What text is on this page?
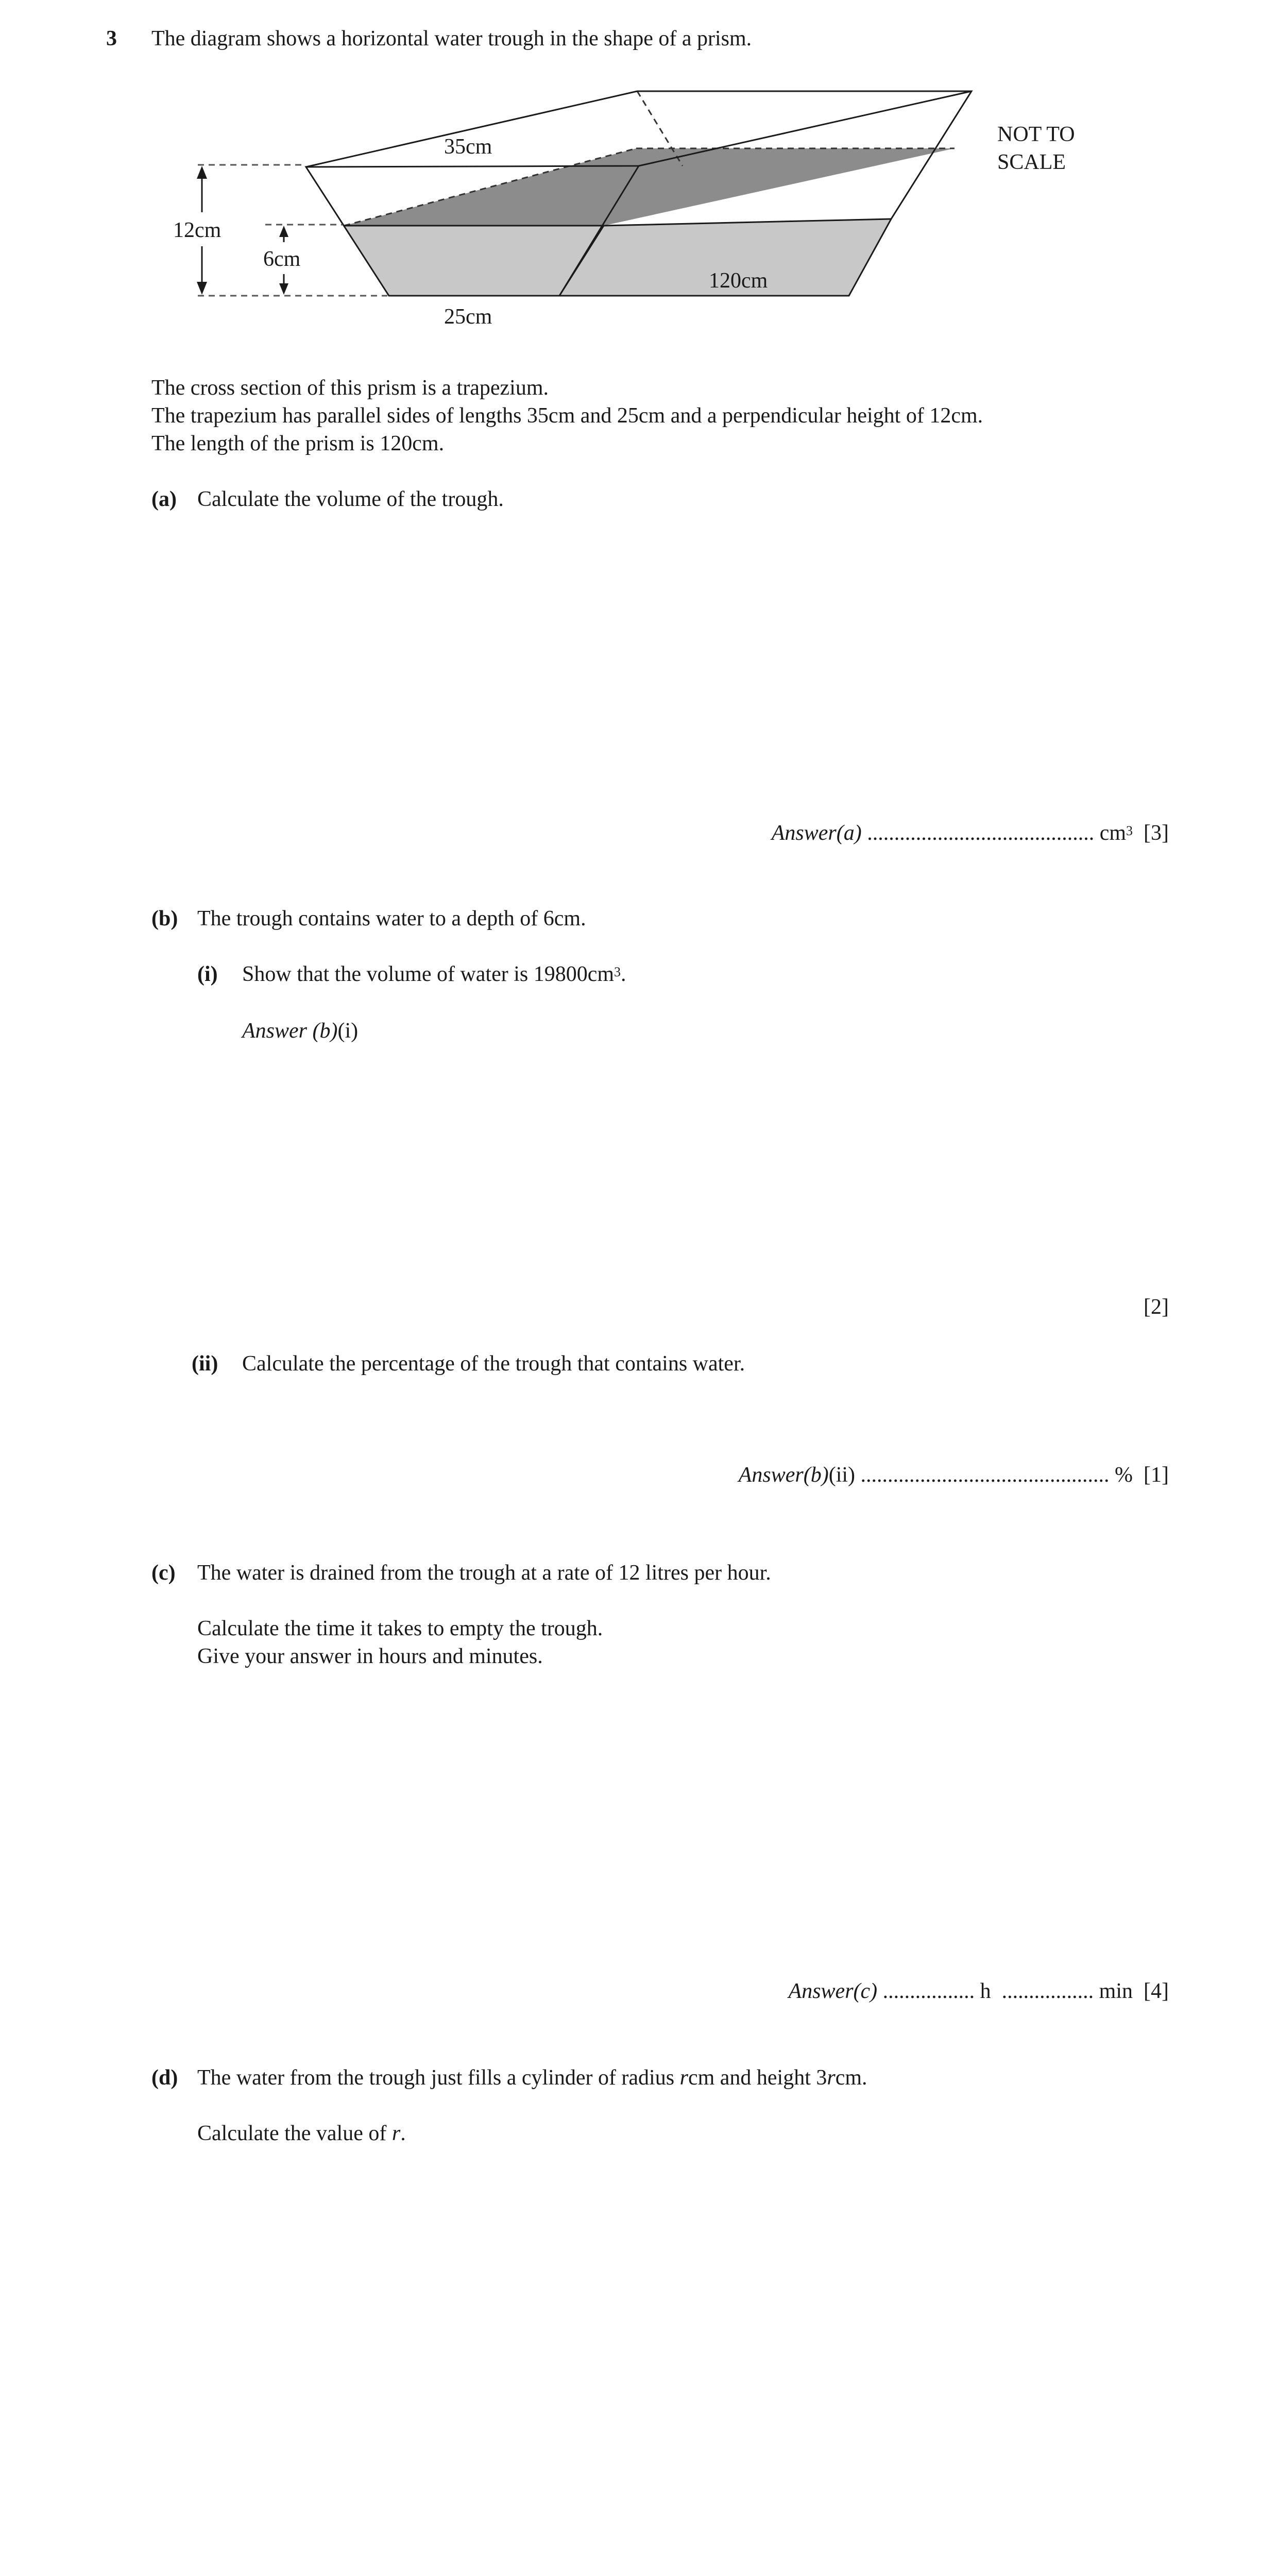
3 The diagram shows a horizontal water trough in the shape of a prism.
35cm
25cm
120cm
12cm
6cm
NOT TO
SCALE
The cross section of this prism is a trapezium.
The trapezium has parallel sides of lengths 35cm and 25cm and a perpendicular height of 12cm.
The length of the prism is 120cm.
(a) Calculate the volume of the trough.
Answer(a) .......................................... $cm^3$ [3]
(b) The trough contains water to a depth of 6cm.
(i) Show that the volume of water is $19800cm^3$.
Answer (b)(i)
[2]
(ii) Calculate the percentage of the trough that contains water.
Answer(b)(ii) .............................................. % [1]
(c) The water is drained from the trough at a rate of 12 litres per hour.
Calculate the time it takes to empty the trough.
Give your answer in hours and minutes.
Answer(c) ................. h ................. min [4]
(d) The water from the trough just fills a cylinder of radius rcm and height 3rcm.
Calculate the value of r.
